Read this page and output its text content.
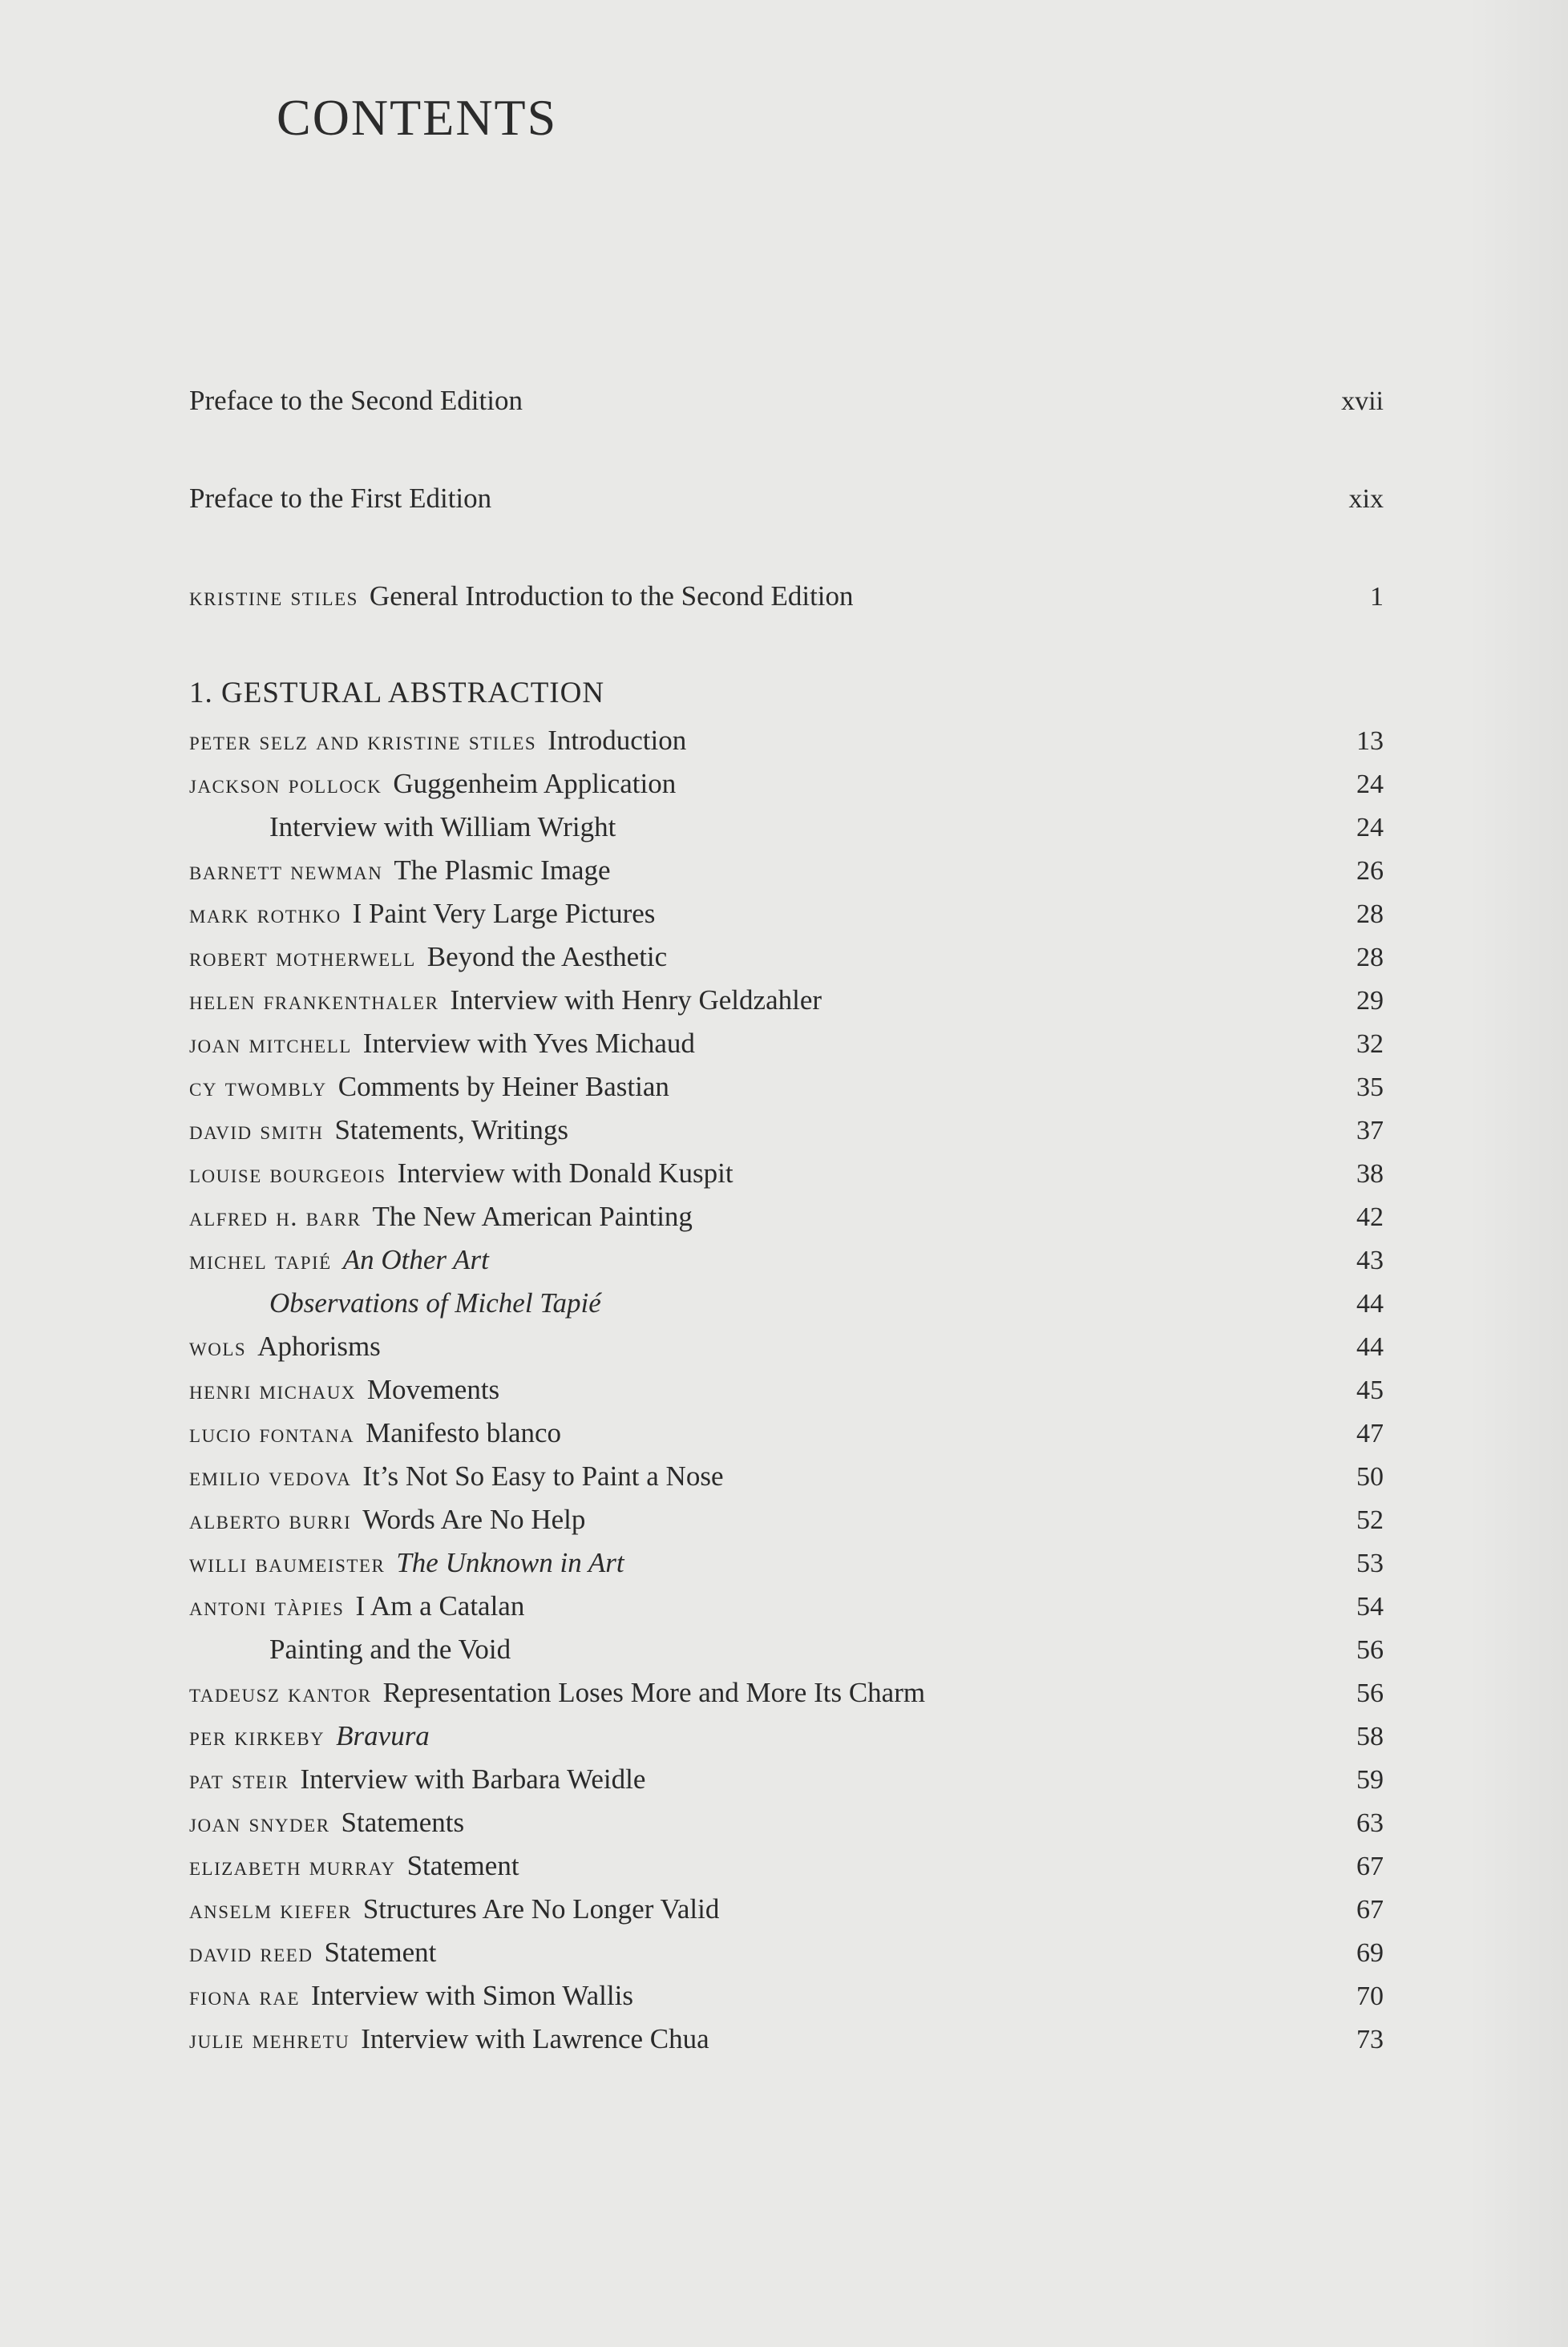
CONTENTS
Preface to the Second Edition	xvii
Preface to the First Edition	xix
kristine stiles General Introduction to the Second Edition	1
1. GESTURAL ABSTRACTION
peter selz and kristine stiles Introduction	13
jackson pollock Guggenheim Application	24
Interview with William Wright	24
barnett newman The Plasmic Image	26
mark rothko I Paint Very Large Pictures	28
robert motherwell Beyond the Aesthetic	28
helen frankenthaler Interview with Henry Geldzahler	29
joan mitchell Interview with Yves Michaud	32
cy twombly Comments by Heiner Bastian	35
david smith Statements, Writings	37
louise bourgeois Interview with Donald Kuspit	38
alfred h. barr The New American Painting	42
michel tapié An Other Art	43
Observations of Michel Tapié	44
wols Aphorisms	44
henri michaux Movements	45
lucio fontana Manifesto blanco	47
emilio vedova It’s Not So Easy to Paint a Nose	50
alberto burri Words Are No Help	52
willi baumeister The Unknown in Art	53
antoni tàpies I Am a Catalan	54
Painting and the Void	56
tadeusz kantor Representation Loses More and More Its Charm	56
per kirkeby Bravura	58
pat steir Interview with Barbara Weidle	59
joan snyder Statements	63
elizabeth murray Statement	67
anselm kiefer Structures Are No Longer Valid	67
david reed Statement	69
fiona rae Interview with Simon Wallis	70
julie mehretu Interview with Lawrence Chua	73
